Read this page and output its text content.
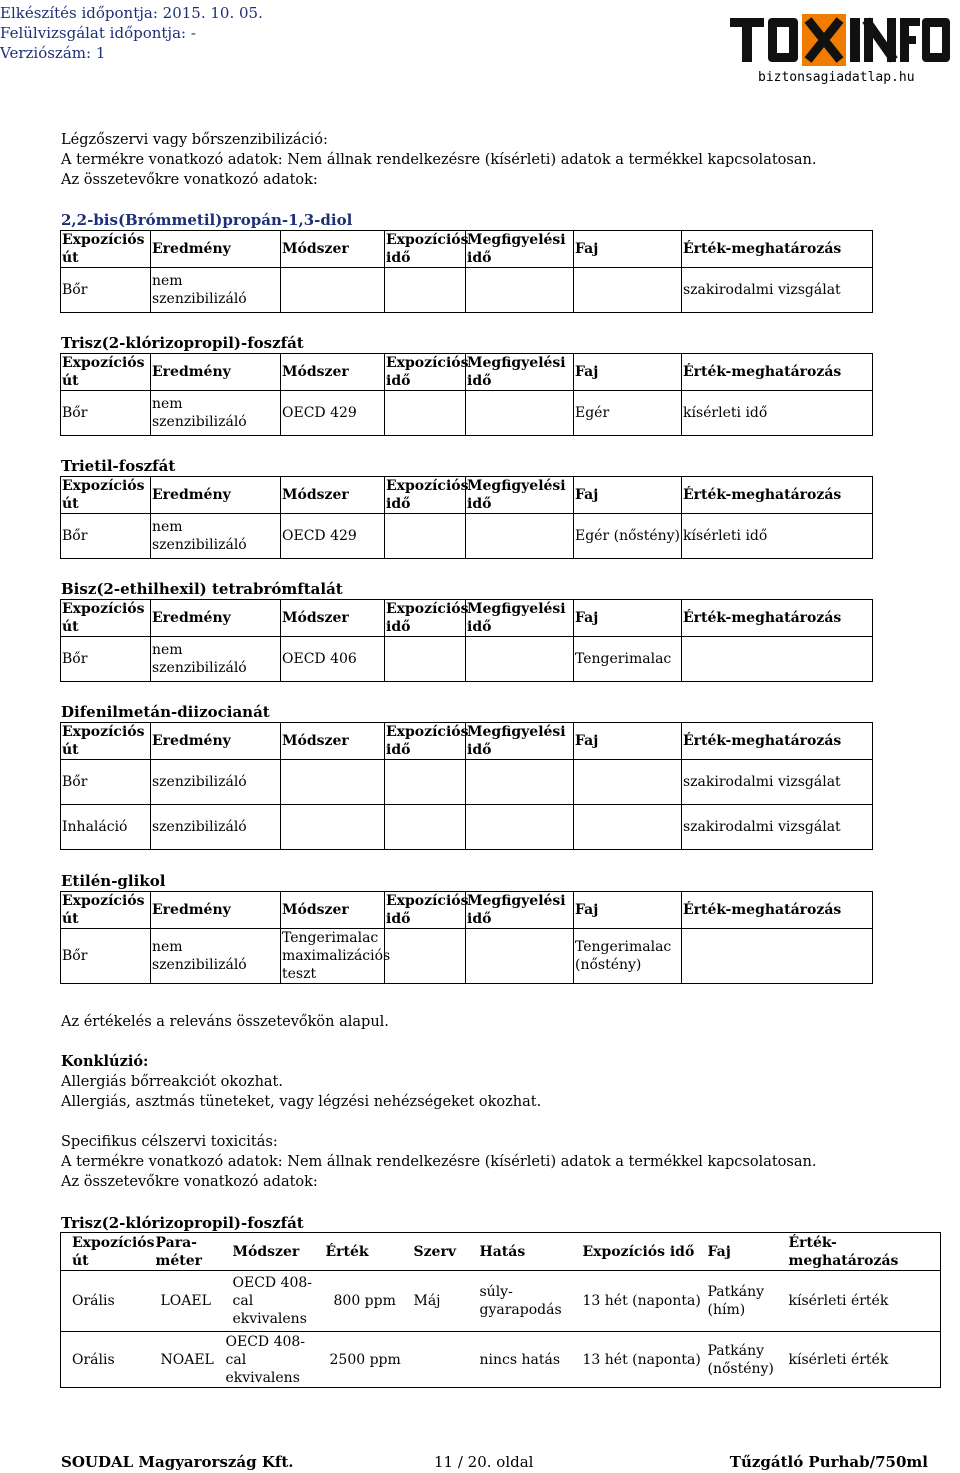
Elkészítés időpontja: 2015. 10. 05.
Felülvizsgálat időpontja: -
Verziószám: 1
biztonsagiadatlap.hu
Légzőszervi vagy bőrszenzibilizáció:
A termékre vonatkozó adatok: Nem állnak rendelkezésre (kísérleti) adatok a termékkel kapcsolatosan.
Az összetevőkre vonatkozó adatok:
2,2-bis(Brómmetil)propán-1,3-diol
Expozíciós út	Eredmény	Módszer	Expozíciós idő	Megfigyelési idő	Faj	Érték-meghatározás
Bőr	nem szenzibilizáló					szakirodalmi vizsgálat
Trisz(2-klórizopropil)-foszfát
Expozíciós út	Eredmény	Módszer	Expozíciós idő	Megfigyelési idő	Faj	Érték-meghatározás
Bőr	nem szenzibilizáló	OECD 429			Egér	kísérleti idő
Trietil-foszfát
Expozíciós út	Eredmény	Módszer	Expozíciós idő	Megfigyelési idő	Faj	Érték-meghatározás
Bőr	nem szenzibilizáló	OECD 429			Egér (nőstény)	kísérleti idő
Bisz(2-ethilhexil) tetrabrómftalát
Expozíciós út	Eredmény	Módszer	Expozíciós idő	Megfigyelési idő	Faj	Érték-meghatározás
Bőr	nem szenzibilizáló	OECD 406			Tengerimalac	
Difenilmetán-diizocianát
Expozíciós út	Eredmény	Módszer	Expozíciós idő	Megfigyelési idő	Faj	Érték-meghatározás
Bőr	szenzibilizáló					szakirodalmi vizsgálat
Inhaláció	szenzibilizáló					szakirodalmi vizsgálat
Etilén-glikol
Expozíciós út	Eredmény	Módszer	Expozíciós idő	Megfigyelési idő	Faj	Érték-meghatározás
Bőr	nem szenzibilizáló	Tengerimalac maximalizációs teszt			Tengerimalac (nőstény)	
Az értékelés a releváns összetevőkön alapul.
Konklúzió:
Allergiás bőrreakciót okozhat.
Allergiás, asztmás tüneteket, vagy légzési nehézségeket okozhat.
Specifikus célszervi toxicitás:
A termékre vonatkozó adatok: Nem állnak rendelkezésre (kísérleti) adatok a termékkel kapcsolatosan.
Az összetevőkre vonatkozó adatok:
Trisz(2-klórizopropil)-foszfát
Expozíciós út	Para-méter	Módszer	Érték	Szerv	Hatás	Expozíciós idő	Faj	Érték-meghatározás
Orális	LOAEL	OECD 408-cal ekvivalens	800 ppm	Máj	súly-gyarapodás	13 hét (naponta)	Patkány (hím)	kísérleti érték
Orális	NOAEL	OECD 408-cal ekvivalens	2500 ppm		nincs hatás	13 hét (naponta)	Patkány (nőstény)	kísérleti érték
SOUDAL Magyarország Kft.	11 / 20. oldal	Tűzgátló Purhab/750ml
